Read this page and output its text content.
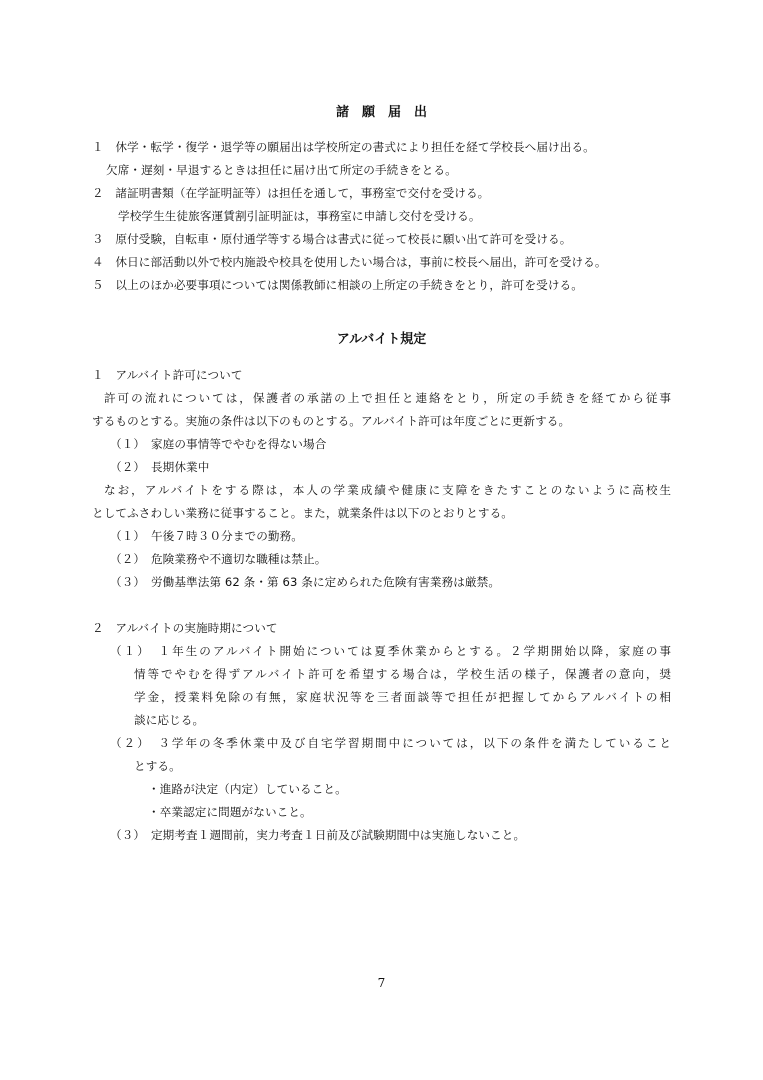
諸　願　届　出
１　休学・転学・復学・退学等の願届出は学校所定の書式により担任を経て学校長へ届け出る。
欠席・遅刻・早退するときは担任に届け出て所定の手続きをとる。
２　諸証明書類（在学証明証等）は担任を通して，事務室で交付を受ける。
学校学生生徒旅客運賃割引証明証は，事務室に申請し交付を受ける。
３　原付受験，自転車・原付通学等する場合は書式に従って校長に願い出て許可を受ける。
４　休日に部活動以外で校内施設や校具を使用したい場合は，事前に校長へ届出，許可を受ける。
５　以上のほか必要事項については関係教師に相談の上所定の手続きをとり，許可を受ける。
アルバイト規定
１　アルバイト許可について
許可の流れについては，保護者の承諾の上で担任と連絡をとり，所定の手続きを経てから従事
するものとする。実施の条件は以下のものとする。アルバイト許可は年度ごとに更新する。
（１）　家庭の事情等でやむを得ない場合
（２）　長期休業中
なお，アルバイトをする際は，本人の学業成績や健康に支障をきたすことのないように高校生
としてふさわしい業務に従事すること。また，就業条件は以下のとおりとする。
（１）　午後７時３０分までの勤務。
（２）　危険業務や不適切な職種は禁止。
（３）　労働基準法第 62 条・第 63 条に定められた危険有害業務は厳禁。
２　アルバイトの実施時期について
（１）　１年生のアルバイト開始については夏季休業からとする。２学期開始以降，家庭の事
情等でやむを得ずアルバイト許可を希望する場合は，学校生活の様子，保護者の意向，奨
学金，授業料免除の有無，家庭状況等を三者面談等で担任が把握してからアルバイトの相
談に応じる。
（２）　３学年の冬季休業中及び自宅学習期間中については，以下の条件を満たしていること
とする。
・進路が決定（内定）していること。
・卒業認定に問題がないこと。
（３）　定期考査１週間前，実力考査１日前及び試験期間中は実施しないこと。
7
